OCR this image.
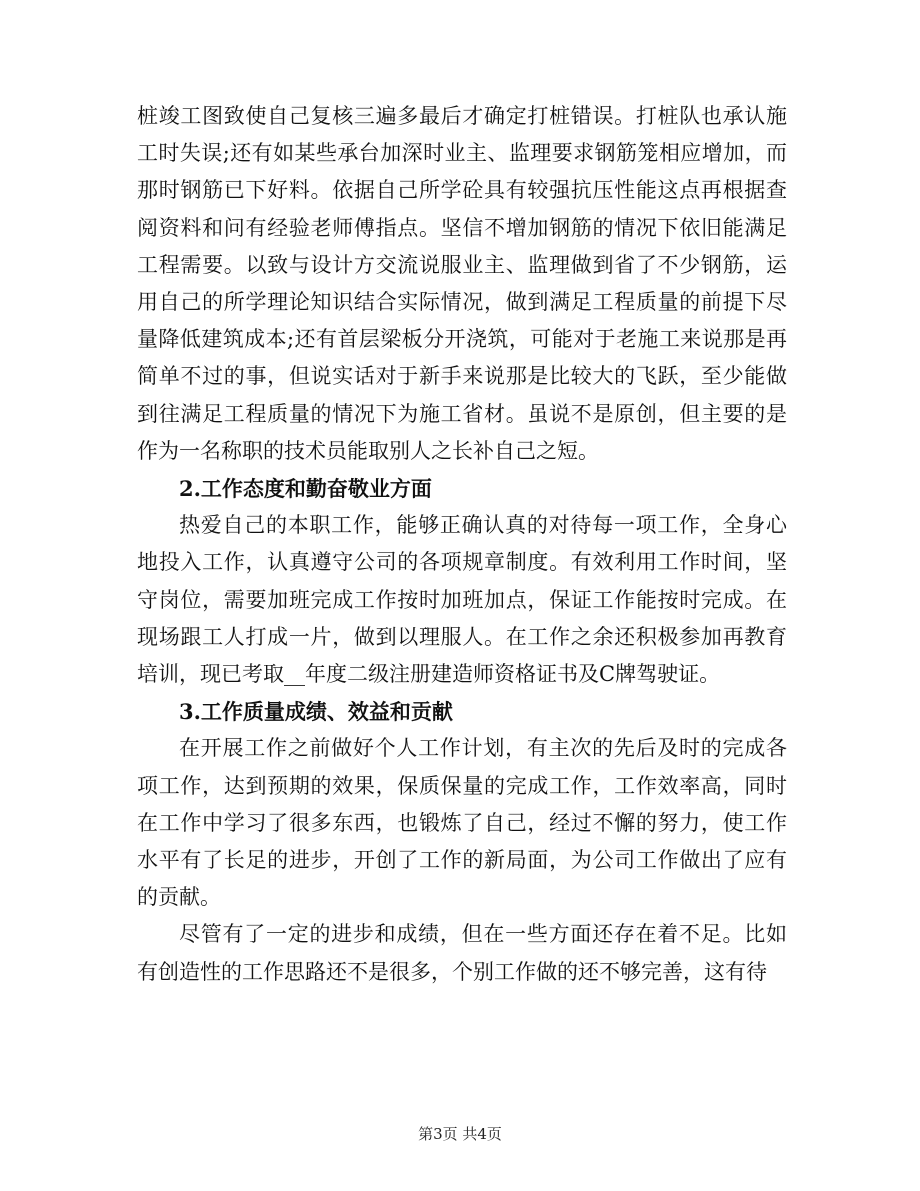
桩竣工图致使自己复核三遍多最后才确定打桩错误。打桩队也承认施工时失误;还有如某些承台加深时业主、监理要求钢筋笼相应增加，而那时钢筋已下好料。依据自己所学砼具有较强抗压性能这点再根据查阅资料和问有经验老师傅指点。坚信不增加钢筋的情况下依旧能满足工程需要。以致与设计方交流说服业主、监理做到省了不少钢筋，运用自己的所学理论知识结合实际情况，做到满足工程质量的前提下尽量降低建筑成本;还有首层梁板分开浇筑，可能对于老施工来说那是再简单不过的事，但说实话对于新手来说那是比较大的飞跃，至少能做到往满足工程质量的情况下为施工省材。虽说不是原创，但主要的是作为一名称职的技术员能取别人之长补自己之短。

2.工作态度和勤奋敬业方面

热爱自己的本职工作，能够正确认真的对待每一项工作，全身心地投入工作，认真遵守公司的各项规章制度。有效利用工作时间，坚守岗位，需要加班完成工作按时加班加点，保证工作能按时完成。在现场跟工人打成一片，做到以理服人。在工作之余还积极参加再教育培训，现已考取__年度二级注册建造师资格证书及C牌驾驶证。

3.工作质量成绩、效益和贡献

在开展工作之前做好个人工作计划，有主次的先后及时的完成各项工作，达到预期的效果，保质保量的完成工作，工作效率高，同时在工作中学习了很多东西，也锻炼了自己，经过不懈的努力，使工作水平有了长足的进步，开创了工作的新局面，为公司工作做出了应有的贡献。

尽管有了一定的进步和成绩，但在一些方面还存在着不足。比如有创造性的工作思路还不是很多，个别工作做的还不够完善，这有待

第3页 共4页
